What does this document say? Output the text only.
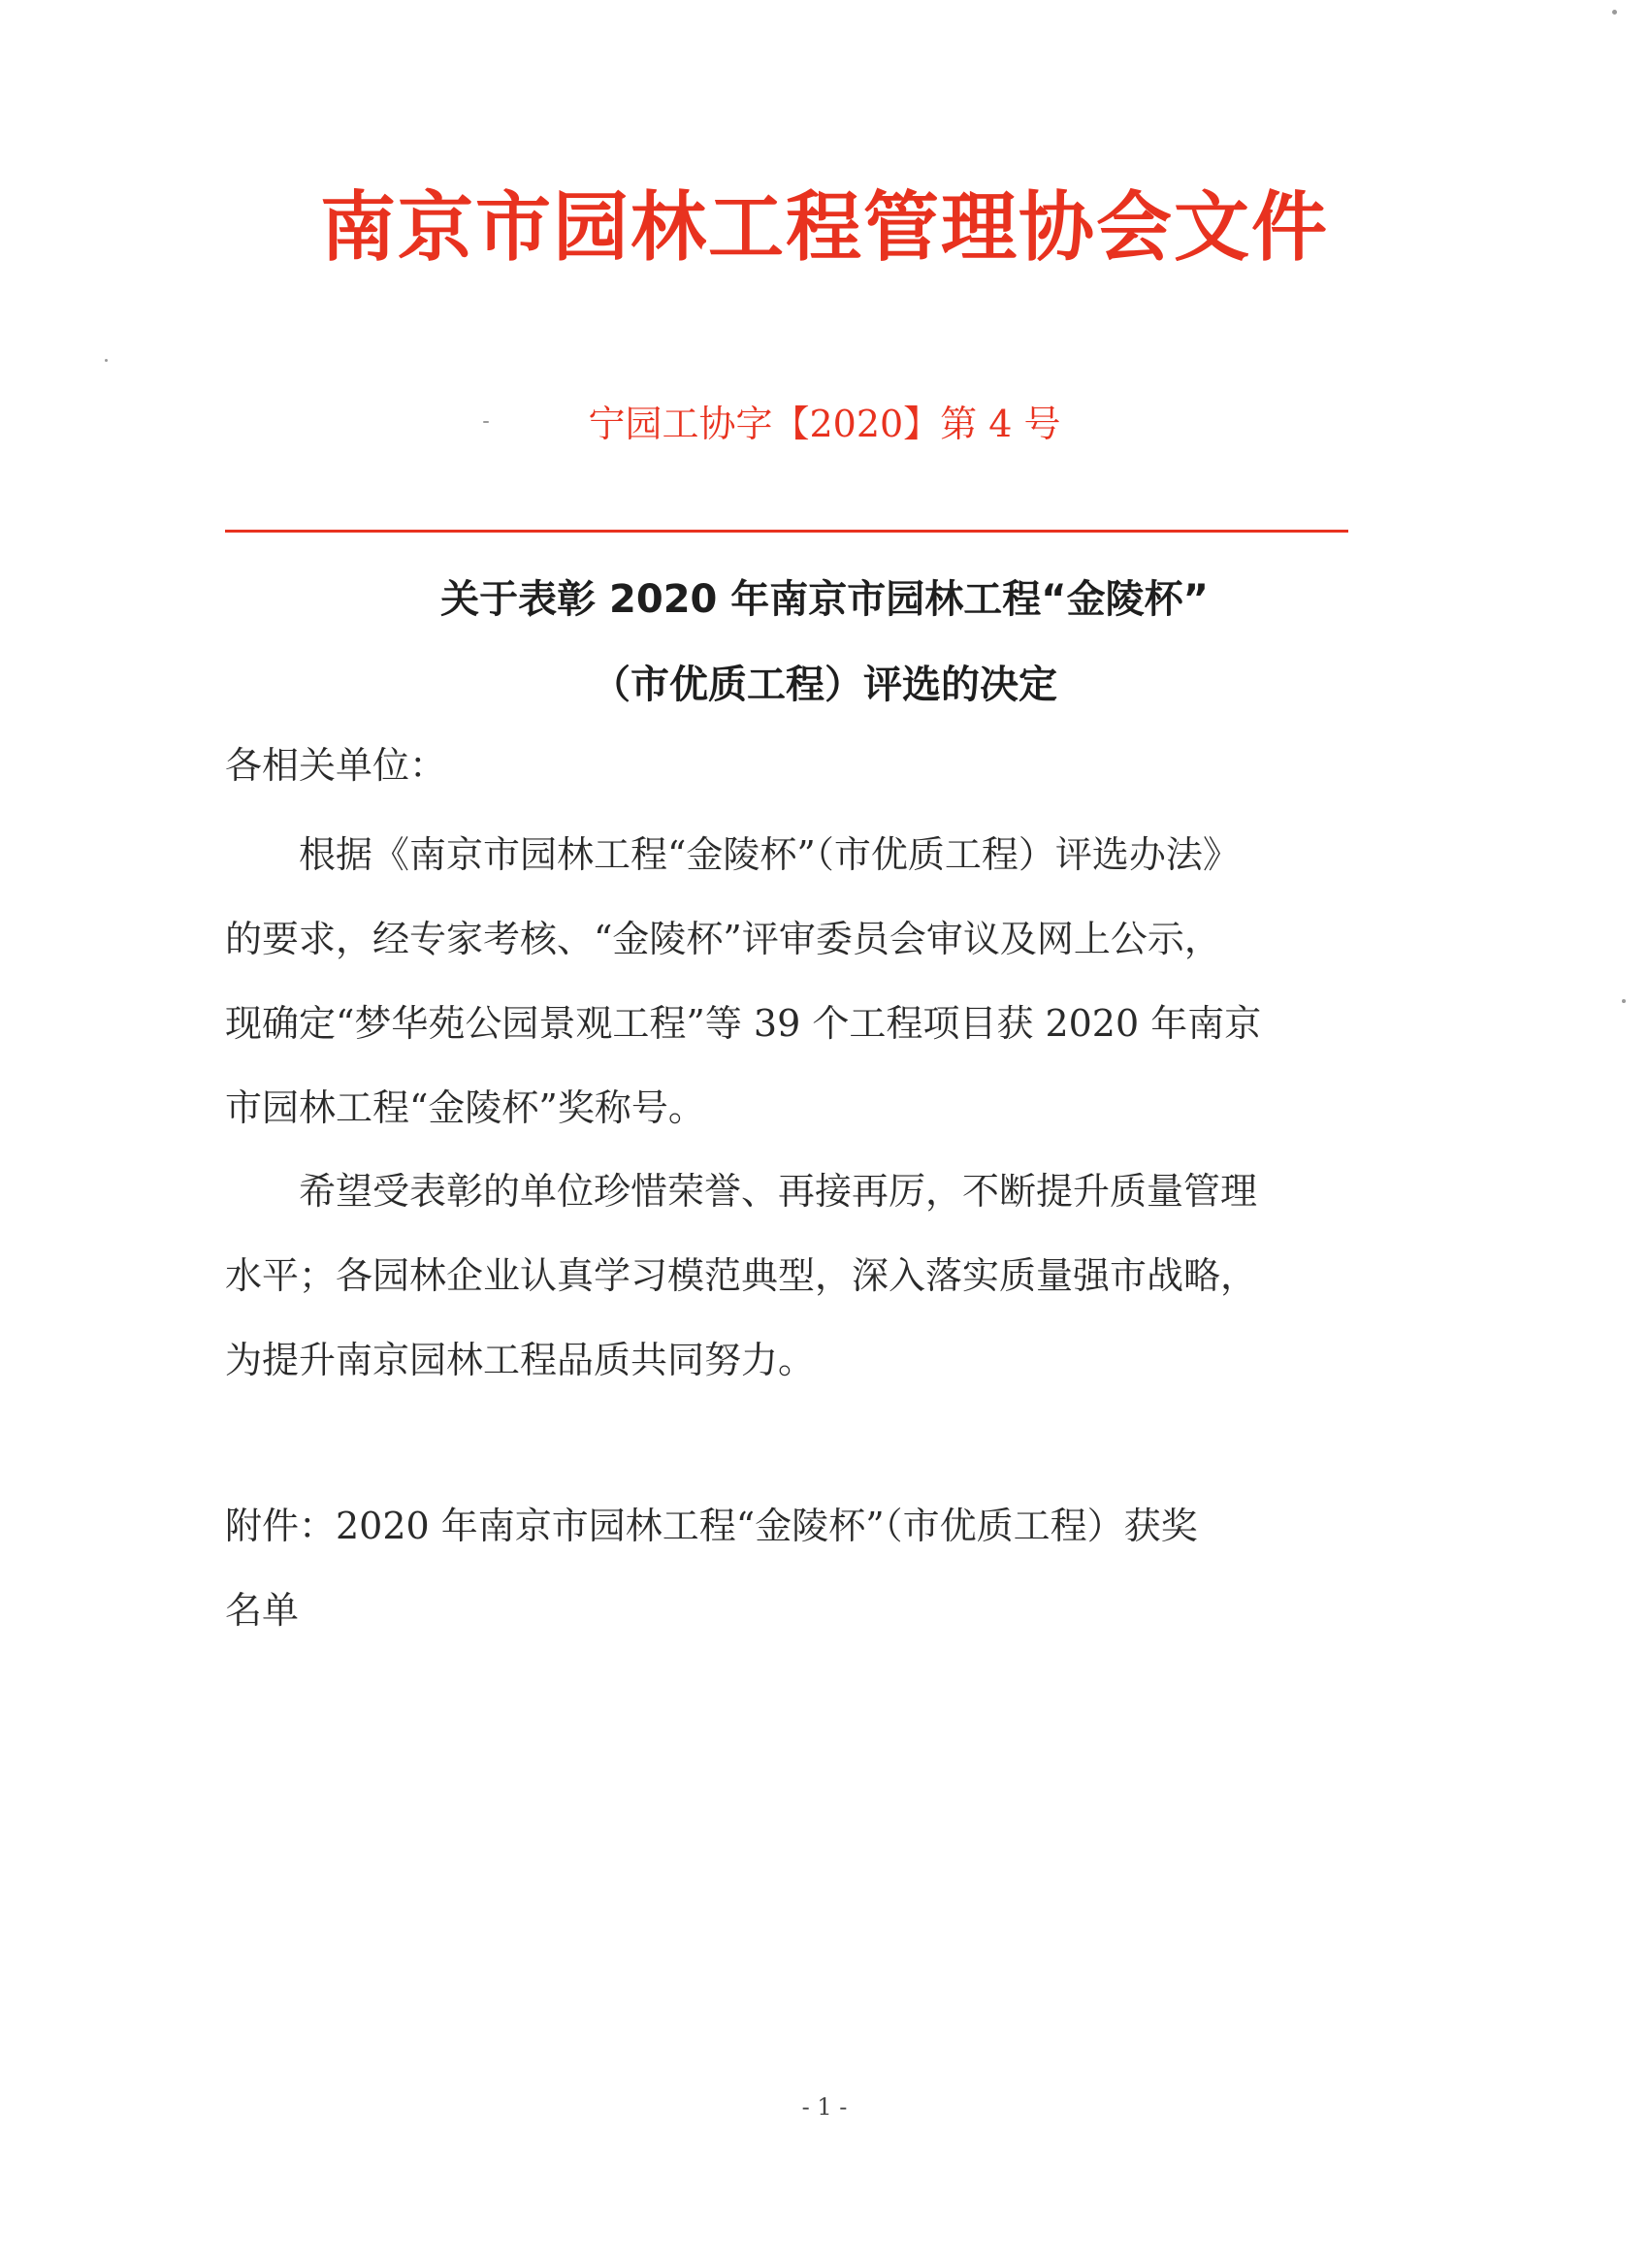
南京市园林工程管理协会文件
宁园工协字【2020】第 4 号
关于表彰 2020 年南京市园林工程“金陵杯”
（市优质工程）评选的决定
各相关单位：
根据《南京市园林工程“金陵杯”（市优质工程）评选办法》
的要求，经专家考核、“金陵杯”评审委员会审议及网上公示，
现确定“梦华苑公园景观工程”等 39 个工程项目获 2020 年南京
市园林工程“金陵杯”奖称号。
希望受表彰的单位珍惜荣誉、再接再厉，不断提升质量管理
水平；各园林企业认真学习模范典型，深入落实质量强市战略，
为提升南京园林工程品质共同努力。
附件：2020 年南京市园林工程“金陵杯”（市优质工程）获奖
名单
- 1 -
